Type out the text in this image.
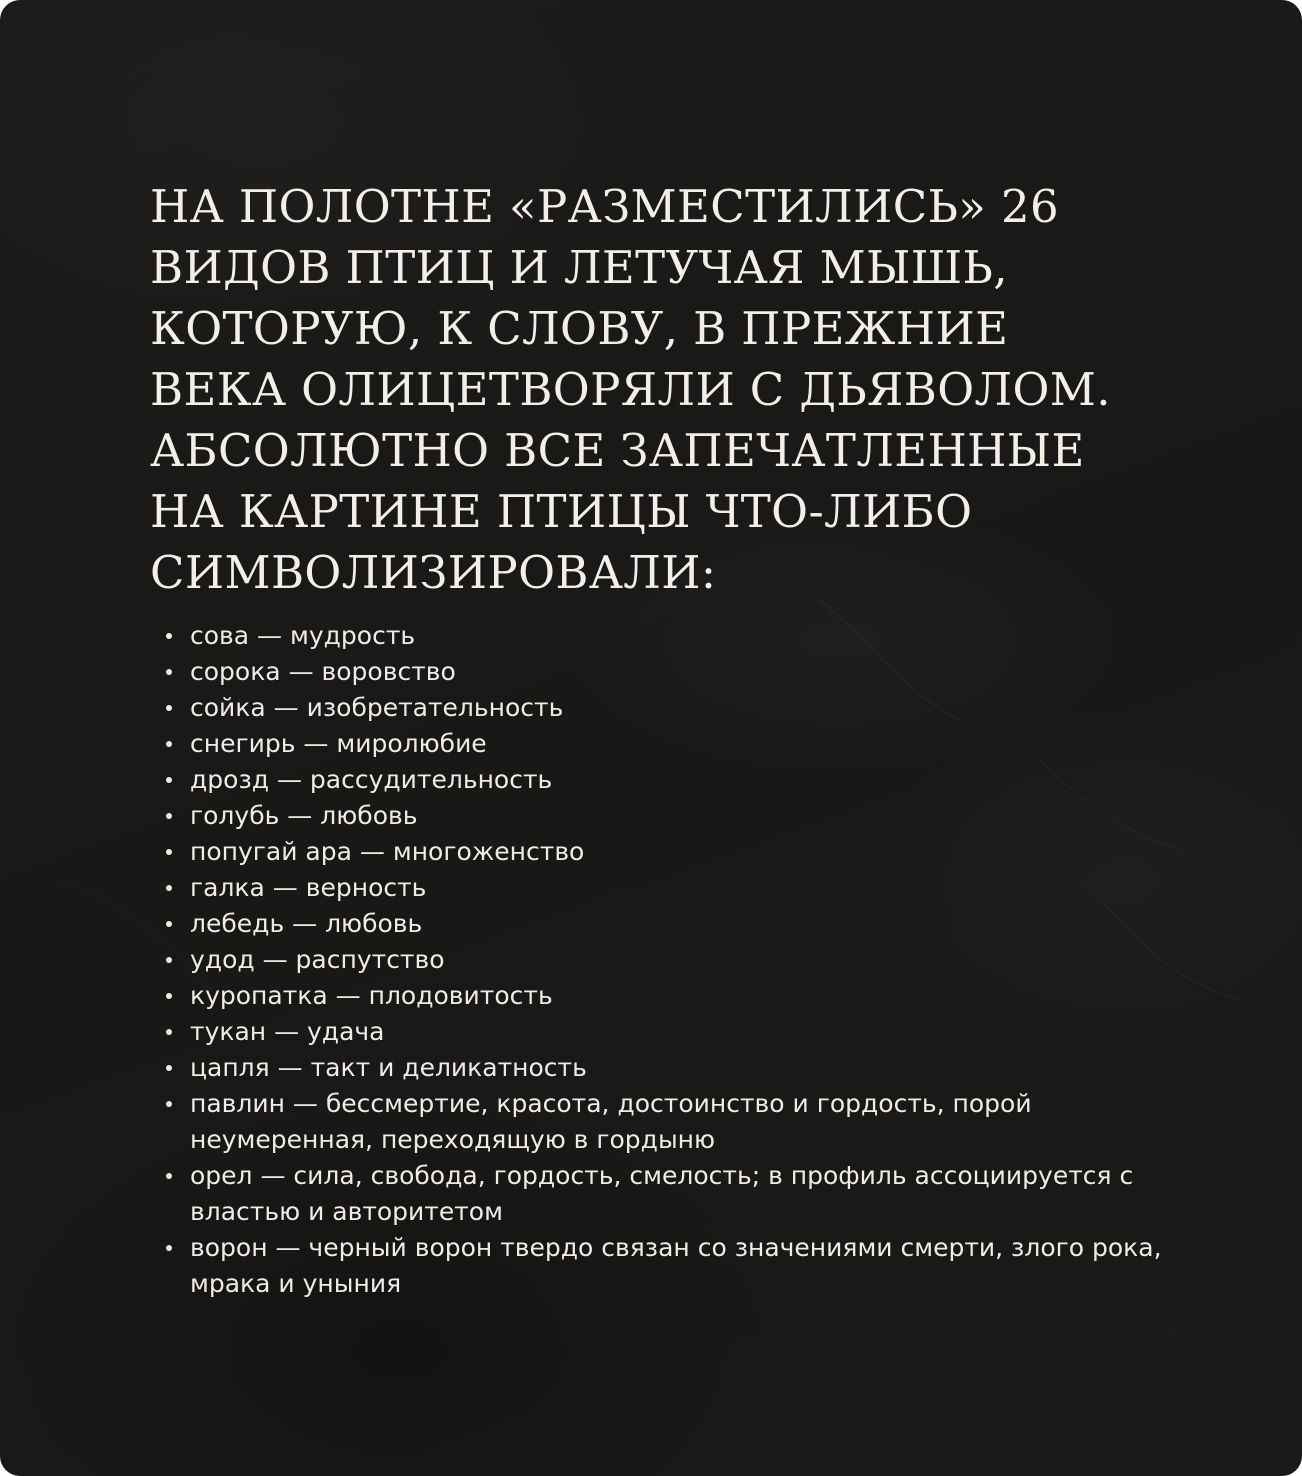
НА ПОЛОТНЕ «РАЗМЕСТИЛИСЬ» 26
ВИДОВ ПТИЦ И ЛЕТУЧАЯ МЫШЬ,
КОТОРУЮ, К СЛОВУ, В ПРЕЖНИЕ
ВЕКА ОЛИЦЕТВОРЯЛИ С ДЬЯВОЛОМ.
АБСОЛЮТНО ВСЕ ЗАПЕЧАТЛЕННЫЕ
НА КАРТИНЕ ПТИЦЫ ЧТО-ЛИБО
СИМВОЛИЗИРОВАЛИ:
сова — мудрость
сорока — воровство
сойка — изобретательность
снегирь — миролюбие
дрозд — рассудительность
голубь — любовь
попугай ара — многоженство
галка — верность
лебедь — любовь
удод — распутство
куропатка — плодовитость
тукан — удача
цапля — такт и деликатность
павлин — бессмертие, красота, достоинство и гордость, порой неумеренная, переходящую в гордыню
орел — сила, свобода, гордость, смелость; в профиль ассоциируется с властью и авторитетом
ворон — черный ворон твердо связан со значениями смерти, злого рока, мрака и уныния
